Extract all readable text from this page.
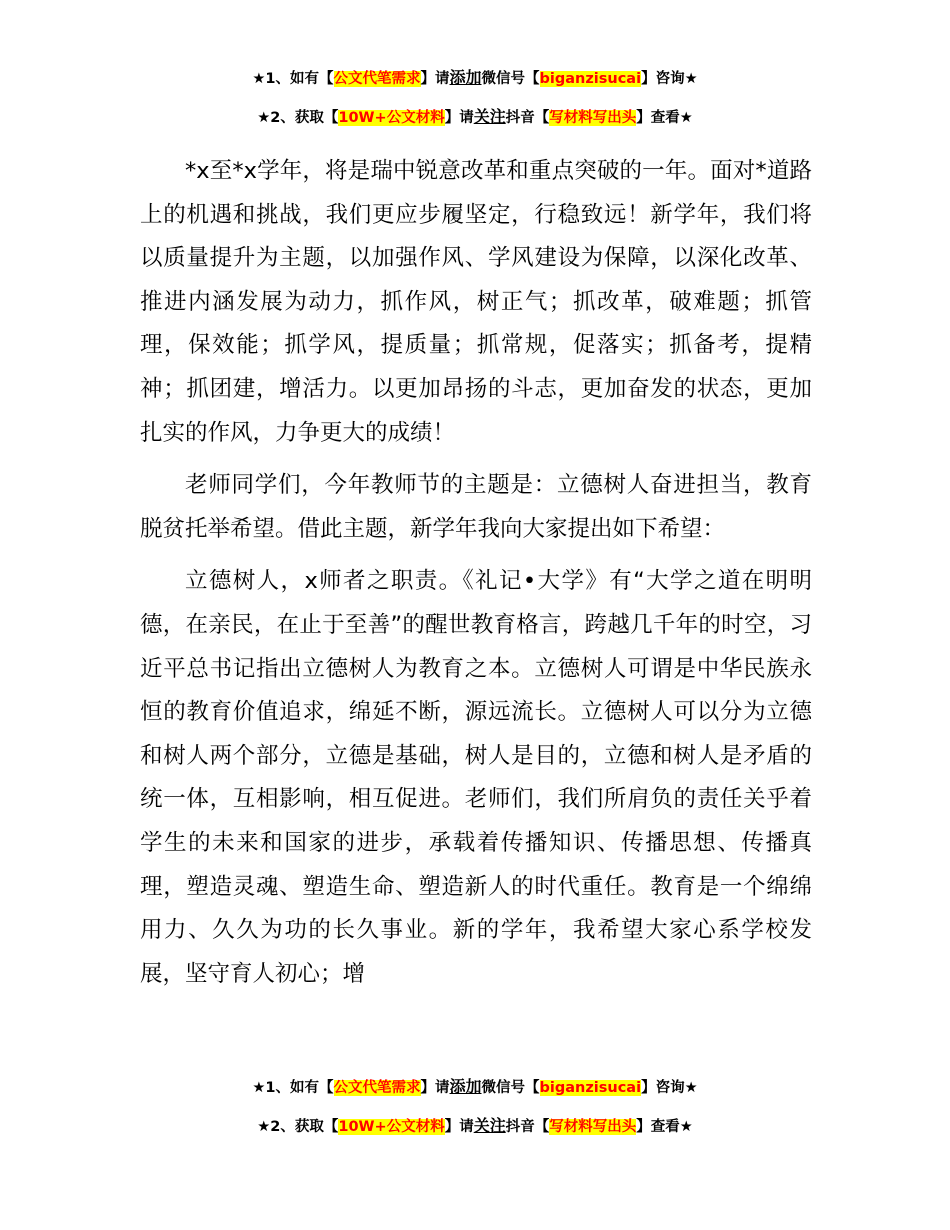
★1、如有【公文代笔需求】请添加微信号【biganzisucai】咨询★
★2、获取【10W+公文材料】请关注抖音【写材料写出头】查看★

*x至*x学年，将是瑞中锐意改革和重点突破的一年。面对*道路上的机遇和挑战，我们更应步履坚定，行稳致远！新学年，我们将以质量提升为主题，以加强作风、学风建设为保障，以深化改革、推进内涵发展为动力，抓作风，树正气；抓改革，破难题；抓管理，保效能；抓学风，提质量；抓常规，促落实；抓备考，提精神；抓团建，增活力。以更加昂扬的斗志，更加奋发的状态，更加扎实的作风，力争更大的成绩！

老师同学们，今年教师节的主题是：立德树人奋进担当，教育脱贫托举希望。借此主题，新学年我向大家提出如下希望：

立德树人，x师者之职责。《礼记•大学》有“大学之道在明明德，在亲民，在止于至善”的醒世教育格言，跨越几千年的时空，习近平总书记指出立德树人为教育之本。立德树人可谓是中华民族永恒的教育价值追求，绵延不断，源远流长。立德树人可以分为立德和树人两个部分，立德是基础，树人是目的，立德和树人是矛盾的统一体，互相影响，相互促进。老师们，我们所肩负的责任关乎着学生的未来和国家的进步，承载着传播知识、传播思想、传播真理，塑造灵魂、塑造生命、塑造新人的时代重任。教育是一个绵绵用力、久久为功的长久事业。新的学年，我希望大家心系学校发展，坚守育人初心；增

★1、如有【公文代笔需求】请添加微信号【biganzisucai】咨询★
★2、获取【10W+公文材料】请关注抖音【写材料写出头】查看★
